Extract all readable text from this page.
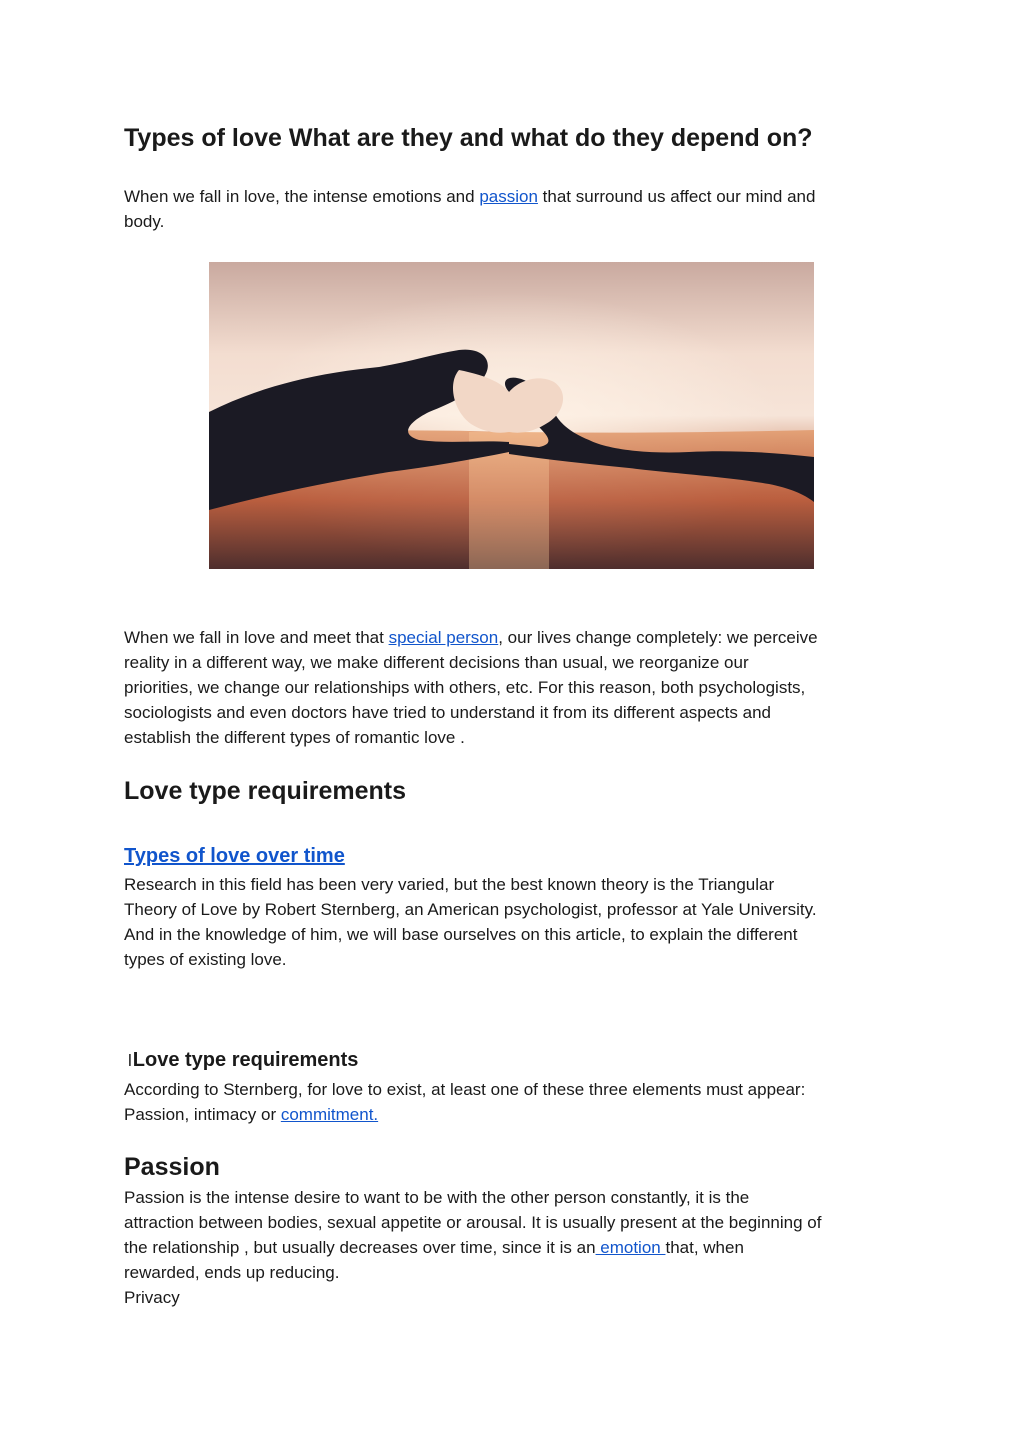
Types of love What are they and what do they depend on?

When we fall in love, the intense emotions and passion that surround us affect our mind and

body.

When we fall in love and meet that special person, our lives change completely: we perceive

reality in a different way, we make different decisions than usual, we reorganize our

priorities, we change our relationships with others, etc. For this reason, both psychologists,

sociologists and even doctors have tried to understand it from its different aspects and

establish the different types of romantic love .

Love type requirements
Types of love over time

Research in this field has been very varied, but the best known theory is the Triangular

Theory of Love by Robert Sternberg, an American psychologist, professor at Yale University.

And in the knowledge of him, we will base ourselves on this article, to explain the different

types of existing love.

lLove type requirements

According to Sternberg, for love to exist, at least one of these three elements must appear:

Passion, intimacy or commitment.

Passion

Passion is the intense desire to want to be with the other person constantly, it is the

attraction between bodies, sexual appetite or arousal. It is usually present at the beginning of

the relationship , but usually decreases over time, since it is an emotion that, when

rewarded, ends up reducing.

Privacy
